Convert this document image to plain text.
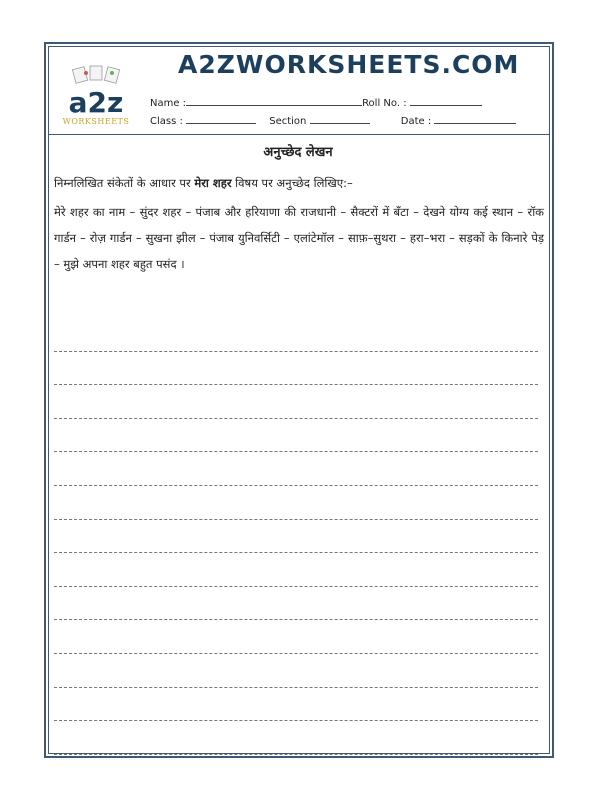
a2z
WORKSHEETS
A2ZWORKSHEETS.COM
Name :	Roll No. :
Class :	Section	Date :
अनुच्छेद लेखन
निम्नलिखित संकेतों के आधार पर मेरा शहर विषय पर अनुच्छेद लिखिए:–
मेरे शहर का नाम – सुंदर शहर – पंजाब और हरियाणा की राजधानी – सैक्टरों में बँटा – देखने योग्य कई स्थान – रॉक गार्डन – रोज़ गार्डन – सुखना झील – पंजाब युनिवर्सिटी – एलांटेमॉल – साफ़–सुथरा – हरा–भरा – सड़कों के किनारे पेड़ – मुझे अपना शहर बहुत पसंद ।
